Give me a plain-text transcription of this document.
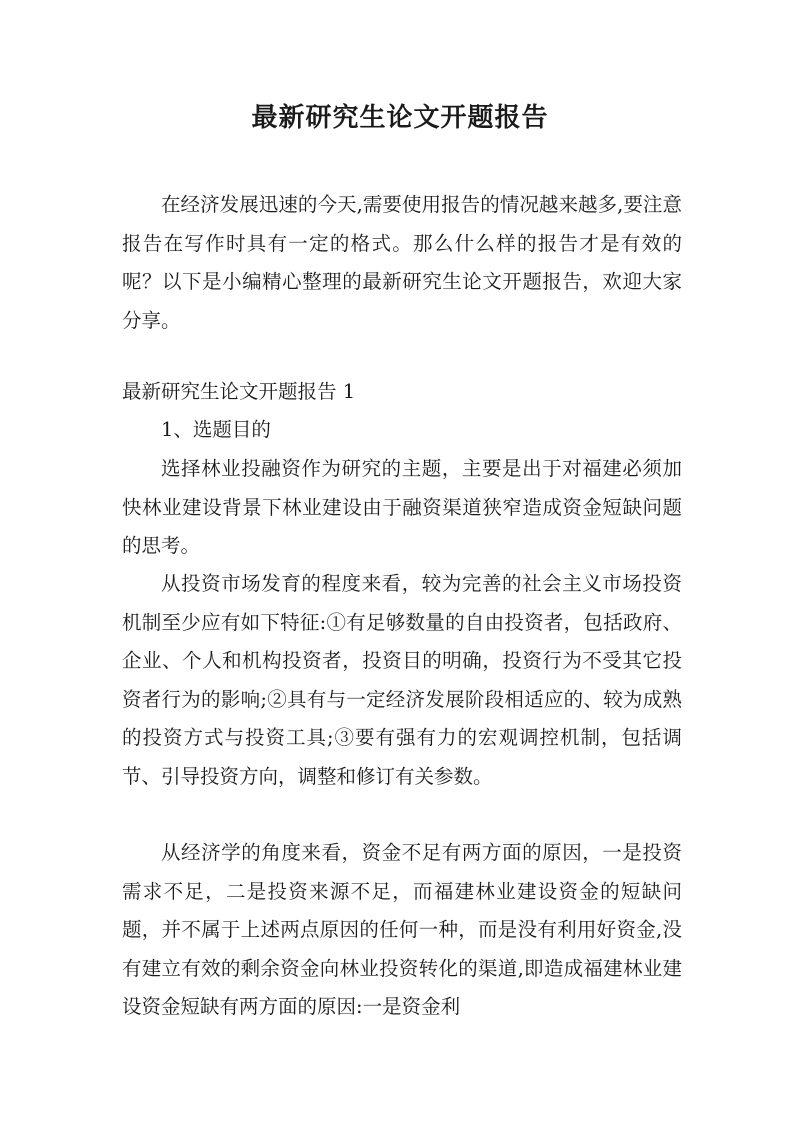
最新研究生论文开题报告

在经济发展迅速的今天,需要使用报告的情况越来越多,要注意报告在写作时具有一定的格式。那么什么样的报告才是有效的呢？以下是小编精心整理的最新研究生论文开题报告，欢迎大家分享。

最新研究生论文开题报告 1

1、选题目的

选择林业投融资作为研究的主题，主要是出于对福建必须加快林业建设背景下林业建设由于融资渠道狭窄造成资金短缺问题的思考。

从投资市场发育的程度来看，较为完善的社会主义市场投资机制至少应有如下特征:①有足够数量的自由投资者，包括政府、企业、个人和机构投资者，投资目的明确，投资行为不受其它投资者行为的影响;②具有与一定经济发展阶段相适应的、较为成熟的投资方式与投资工具;③要有强有力的宏观调控机制，包括调节、引导投资方向，调整和修订有关参数。

从经济学的角度来看，资金不足有两方面的原因，一是投资需求不足，二是投资来源不足，而福建林业建设资金的短缺问题，并不属于上述两点原因的任何一种，而是没有利用好资金,没有建立有效的剩余资金向林业投资转化的渠道,即造成福建林业建设资金短缺有两方面的原因:一是资金利
